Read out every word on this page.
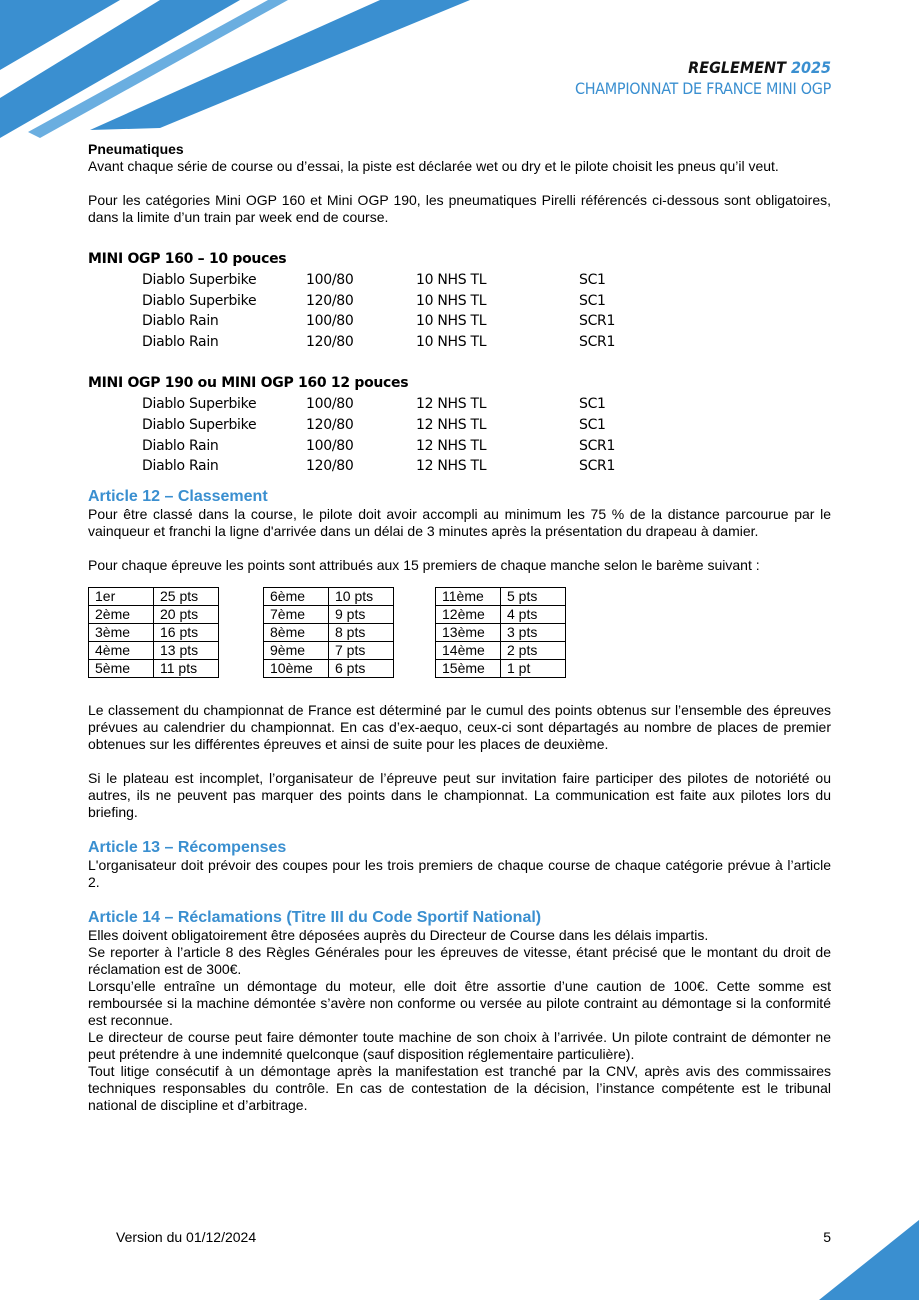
REGLEMENT 2025
CHAMPIONNAT DE FRANCE MINI OGP

Pneumatiques

Avant chaque série de course ou d’essai, la piste est déclarée wet ou dry et le pilote choisit les pneus qu’il veut.

Pour les catégories Mini OGP 160 et Mini OGP 190, les pneumatiques Pirelli référencés ci-dessous sont obligatoires, dans la limite d’un train par week end de course.

MINI OGP 160 – 10 pouces

Diablo Superbike	100/80	10 NHS TL	SC1
Diablo Superbike	120/80	10 NHS TL	SC1
Diablo Rain	100/80	10 NHS TL	SCR1
Diablo Rain	120/80	10 NHS TL	SCR1

MINI OGP 190 ou MINI OGP 160 12 pouces

Diablo Superbike	100/80	12 NHS TL	SC1
Diablo Superbike	120/80	12 NHS TL	SC1
Diablo Rain	100/80	12 NHS TL	SCR1
Diablo Rain	120/80	12 NHS TL	SCR1

Article 12 – Classement

Pour être classé dans la course, le pilote doit avoir accompli au minimum les 75 % de la distance parcourue par le vainqueur et franchi la ligne d'arrivée dans un délai de 3 minutes après la présentation du drapeau à damier.

Pour chaque épreuve les points sont attribués aux 15 premiers de chaque manche selon le barème suivant :

1er	25 pts
2ème	20 pts
3ème	16 pts
4ème	13 pts
5ème	11 pts
6ème	10 pts
7ème	9 pts
8ème	8 pts
9ème	7 pts
10ème	6 pts
11ème	5 pts
12ème	4 pts
13ème	3 pts
14ème	2 pts
15ème	1 pt

Le classement du championnat de France est déterminé par le cumul des points obtenus sur l’ensemble des épreuves prévues au calendrier du championnat. En cas d’ex-aequo, ceux-ci sont départagés au nombre de places de premier obtenues sur les différentes épreuves et ainsi de suite pour les places de deuxième.

Si le plateau est incomplet, l’organisateur de l’épreuve peut sur invitation faire participer des pilotes de notoriété ou autres, ils ne peuvent pas marquer des points dans le championnat. La communication est faite aux pilotes lors du briefing.

Article 13 – Récompenses

L'organisateur doit prévoir des coupes pour les trois premiers de chaque course de chaque catégorie prévue à l’article 2.

Article 14 – Réclamations (Titre III du Code Sportif National)

Elles doivent obligatoirement être déposées auprès du Directeur de Course dans les délais impartis.

Se reporter à l’article 8 des Règles Générales pour les épreuves de vitesse, étant précisé que le montant du droit de réclamation est de 300€.

Lorsqu’elle entraîne un démontage du moteur, elle doit être assortie d’une caution de 100€. Cette somme est remboursée si la machine démontée s’avère non conforme ou versée au pilote contraint au démontage si la conformité est reconnue.

Le directeur de course peut faire démonter toute machine de son choix à l’arrivée. Un pilote contraint de démonter ne peut prétendre à une indemnité quelconque (sauf disposition réglementaire particulière).

Tout litige consécutif à un démontage après la manifestation est tranché par la CNV, après avis des commissaires techniques responsables du contrôle. En cas de contestation de la décision, l’instance compétente est le tribunal national de discipline et d’arbitrage.

Version du 01/12/2024	5
